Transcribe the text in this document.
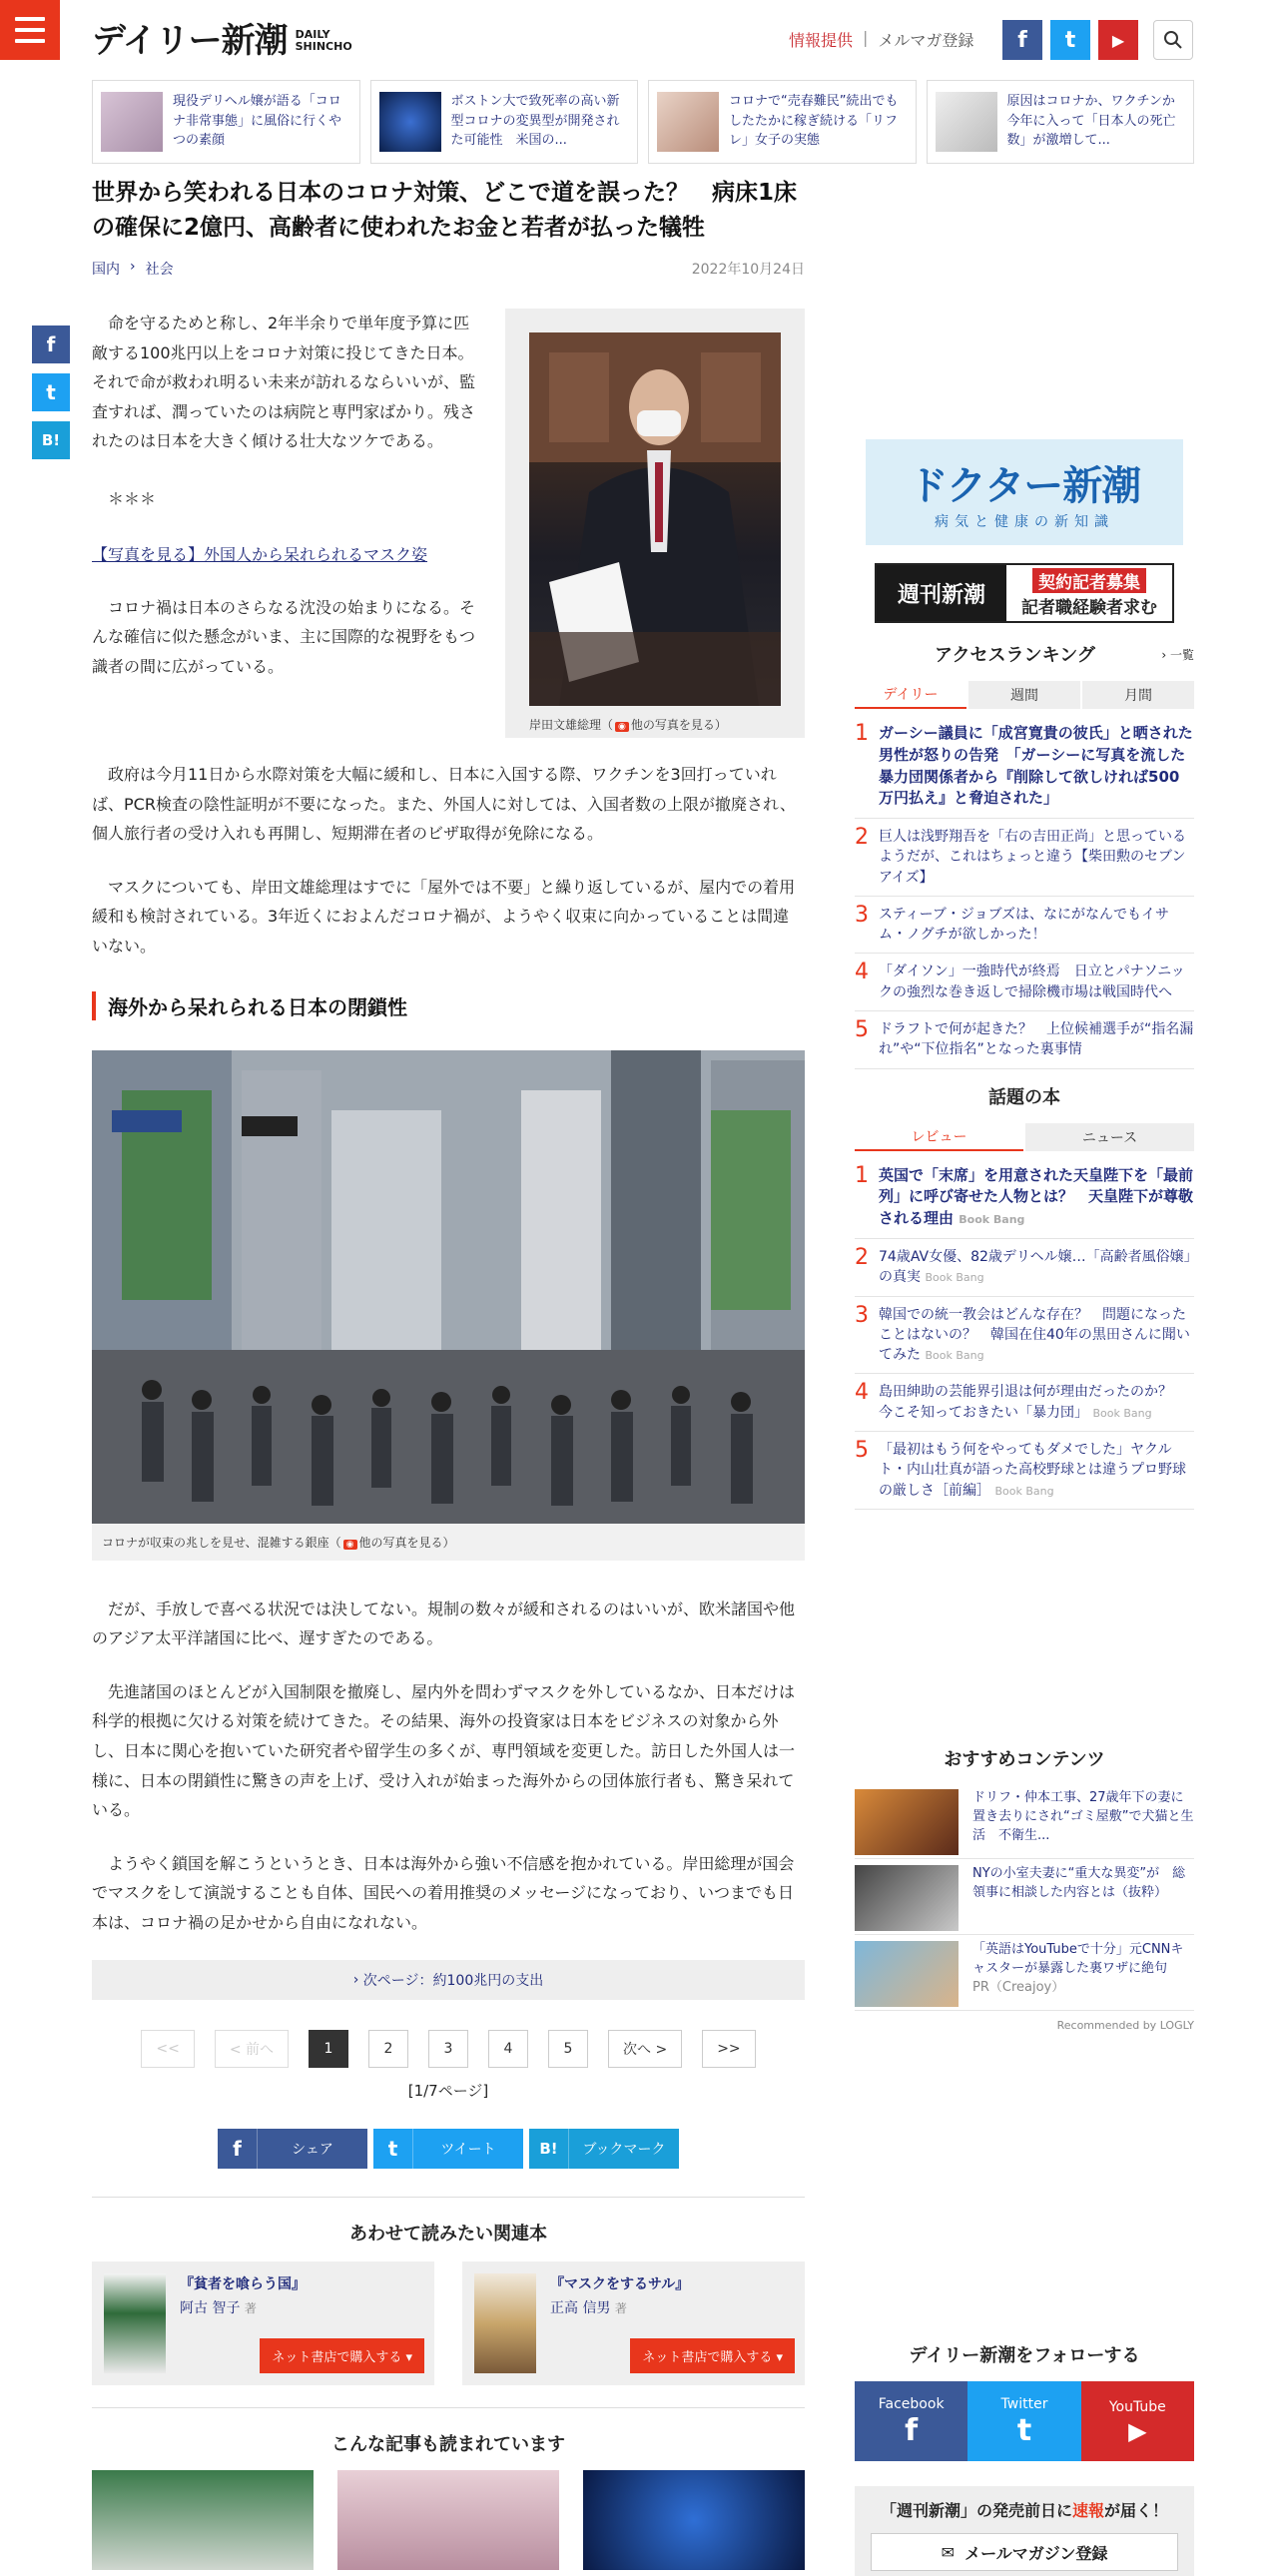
デイリー新潮 DAILY
SHINCHO	情報提供 | メルマガ登録	f	t	▶
現役デリヘル嬢が語る「コロナ非常事態」に風俗に行くやつの素顔
ボストン大で致死率の高い新型コロナの変異型が開発された可能性　米国の...
コロナで“売春難民”続出でもしたたかに稼ぎ続ける「リフレ」女子の実態
原因はコロナか、ワクチンか　今年に入って「日本人の死亡数」が激増して...
f
t
B!
世界から笑われる日本のコロナ対策、どこで道を誤った？　病床1床の確保に2億円、高齢者に使われたお金と若者が払った犠牲
国内 › 社会	2022年10月24日
岸田文雄総理（ ◉ 他の写真を見る）

命を守るためと称し、2年半余りで単年度予算に匹敵する100兆円以上をコロナ対策に投じてきた日本。それで命が救われ明るい未来が訪れるならいいが、監査すれば、潤っていたのは病院と専門家ばかり。残されたのは日本を大きく傾ける壮大なツケである。

＊＊＊

【写真を見る】外国人から呆れられるマスク姿

コロナ禍は日本のさらなる沈没の始まりになる。そんな確信に似た懸念がいま、主に国際的な視野をもつ識者の間に広がっている。

政府は今月11日から水際対策を大幅に緩和し、日本に入国する際、ワクチンを3回打っていれば、PCR検査の陰性証明が不要になった。また、外国人に対しては、入国者数の上限が撤廃され、個人旅行者の受け入れも再開し、短期滞在者のビザ取得が免除になる。

マスクについても、岸田文雄総理はすでに「屋外では不要」と繰り返しているが、屋内での着用緩和も検討されている。3年近くにおよんだコロナ禍が、ようやく収束に向かっていることは間違いない。

海外から呆れられる日本の閉鎖性
コロナが収束の兆しを見せ、混雑する銀座（ ◉ 他の写真を見る）

だが、手放しで喜べる状況では決してない。規制の数々が緩和されるのはいいが、欧米諸国や他のアジア太平洋諸国に比べ、遅すぎたのである。

先進諸国のほとんどが入国制限を撤廃し、屋内外を問わずマスクを外しているなか、日本だけは科学的根拠に欠ける対策を続けてきた。その結果、海外の投資家は日本をビジネスの対象から外し、日本に関心を抱いていた研究者や留学生の多くが、専門領域を変更した。訪日した外国人は一様に、日本の閉鎖性に驚きの声を上げ、受け入れが始まった海外からの団体旅行者も、驚き呆れている。

ようやく鎖国を解こうというとき、日本は海外から強い不信感を抱かれている。岸田総理が国会でマスクをして演説することも自体、国民への着用推奨のメッセージになっており、いつまでも日本は、コロナ禍の足かせから自由になれない。

› 次ページ：約100兆円の支出
<<	< 前へ	1	2	3	4	5	次へ >	>>
[1/7ページ]
f	シェア	t	ツイート	B!	ブックマーク
あわせて読みたい関連本
『貧者を喰らう国』
阿古 智子 著
ネット書店で購入する ▾
『マスクをするサル』
正高 信男 著
ネット書店で購入する ▾
こんな記事も読まれています
ドクター新潮
病気と健康の新知識
週刊新潮	契約記者募集
記者職経験者求む
アクセスランキング	› 一覧
デイリー	週間	月間
1 ガーシー議員に「成宮寛貴の彼氏」と晒された男性が怒りの告発　「ガーシーに写真を流した暴力団関係者から『削除して欲しければ500万円払え』と脅迫された」
2 巨人は浅野翔吾を「右の吉田正尚」と思っているようだが、これはちょっと違う【柴田勲のセブンアイズ】
3 スティーブ・ジョブズは、なにがなんでもイサム・ノグチが欲しかった！
4 「ダイソン」一強時代が終焉　日立とパナソニックの強烈な巻き返しで掃除機市場は戦国時代へ
5 ドラフトで何が起きた？　上位候補選手が“指名漏れ”や“下位指名”となった裏事情
話題の本
レビュー	ニュース
1 英国で「末席」を用意された天皇陛下を「最前列」に呼び寄せた人物とは？　天皇陛下が尊敬される理由 Book Bang
2 74歳AV女優、82歳デリヘル嬢…「高齢者風俗嬢」の真実 Book Bang
3 韓国での統一教会はどんな存在？　問題になったことはないの？　韓国在住40年の黒田さんに聞いてみた Book Bang
4 島田紳助の芸能界引退は何が理由だったのか？　今こそ知っておきたい「暴力団」 Book Bang
5 「最初はもう何をやってもダメでした」ヤクルト・内山壮真が語った高校野球とは違うプロ野球の厳しさ［前編］ Book Bang
おすすめコンテンツ
ドリフ・仲本工事、27歳年下の妻に置き去りにされ“ゴミ屋敷”で犬猫と生活　不衛生...
NYの小室夫妻に“重大な異変”が　総領事に相談した内容とは（抜粋）
「英語はYouTubeで十分」元CNNキャスターが暴露した裏ワザに絶句
PR（Creajoy）
Recommended by LOGLY
デイリー新潮をフォローする
Facebook
f
Twitter
t
YouTube
▶
「週刊新潮」の発売前日に速報が届く！
✉ メールマガジン登録
